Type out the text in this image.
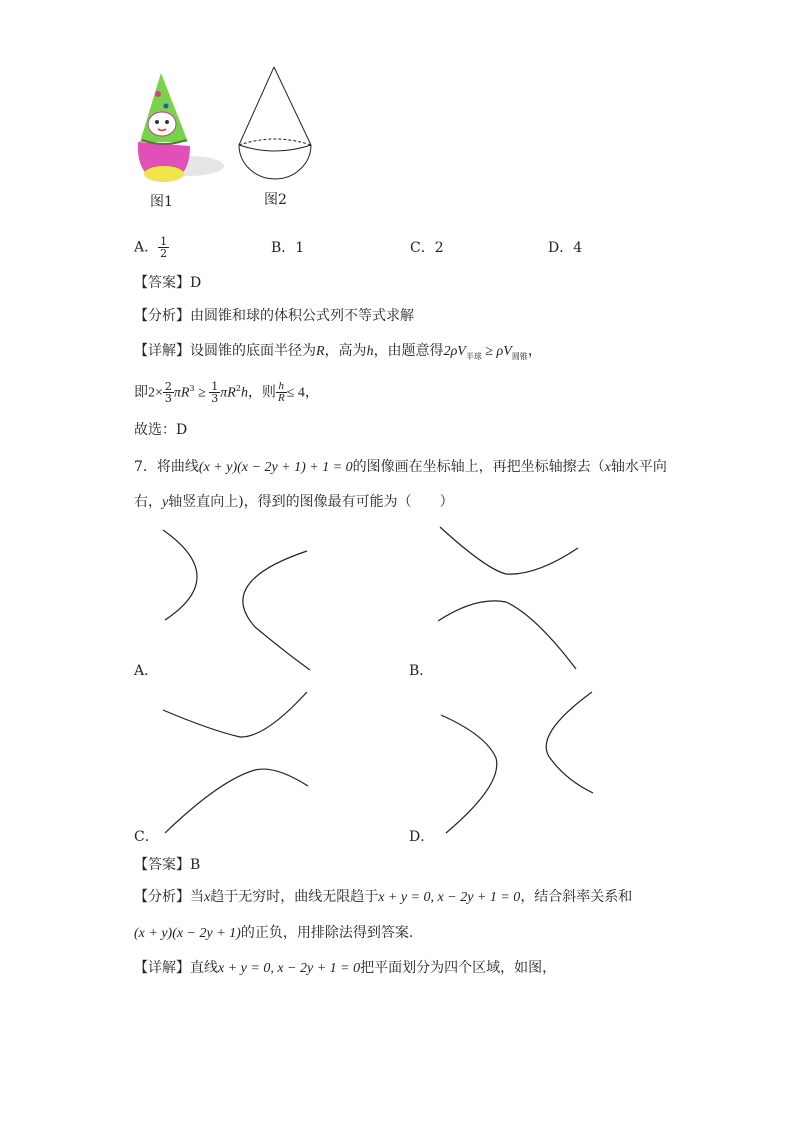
图1	图2
A． $\frac{1}{2}$	B．1	C．2	D．4
【答案】D
【分析】由圆锥和球的体积公式列不等式求解
【详解】设圆锥的底面半径为R，高为h，由题意得$2\rho V_{半球} \ge \rho V_{圆锥}$，
即$2\times \frac{2}{3} \pi R^3 \ge \frac{1}{3} \pi R^2h$，则 $\frac{h}{R} \le 4$，
故选：D
7．将曲线(x + y)(x − 2y + 1) + 1 = 0的图像画在坐标轴上，再把坐标轴擦去（x轴水平向
右，y轴竖直向上)，得到的图像最有可能为（　　）
A．	B．
C．	D．
【答案】B
【分析】当x趋于无穷时，曲线无限趋于x + y = 0, x − 2y + 1 = 0，结合斜率关系和
(x + y)(x − 2y + 1)的正负，用排除法得到答案.
【详解】直线x + y = 0, x − 2y + 1 = 0把平面划分为四个区域，如图，
